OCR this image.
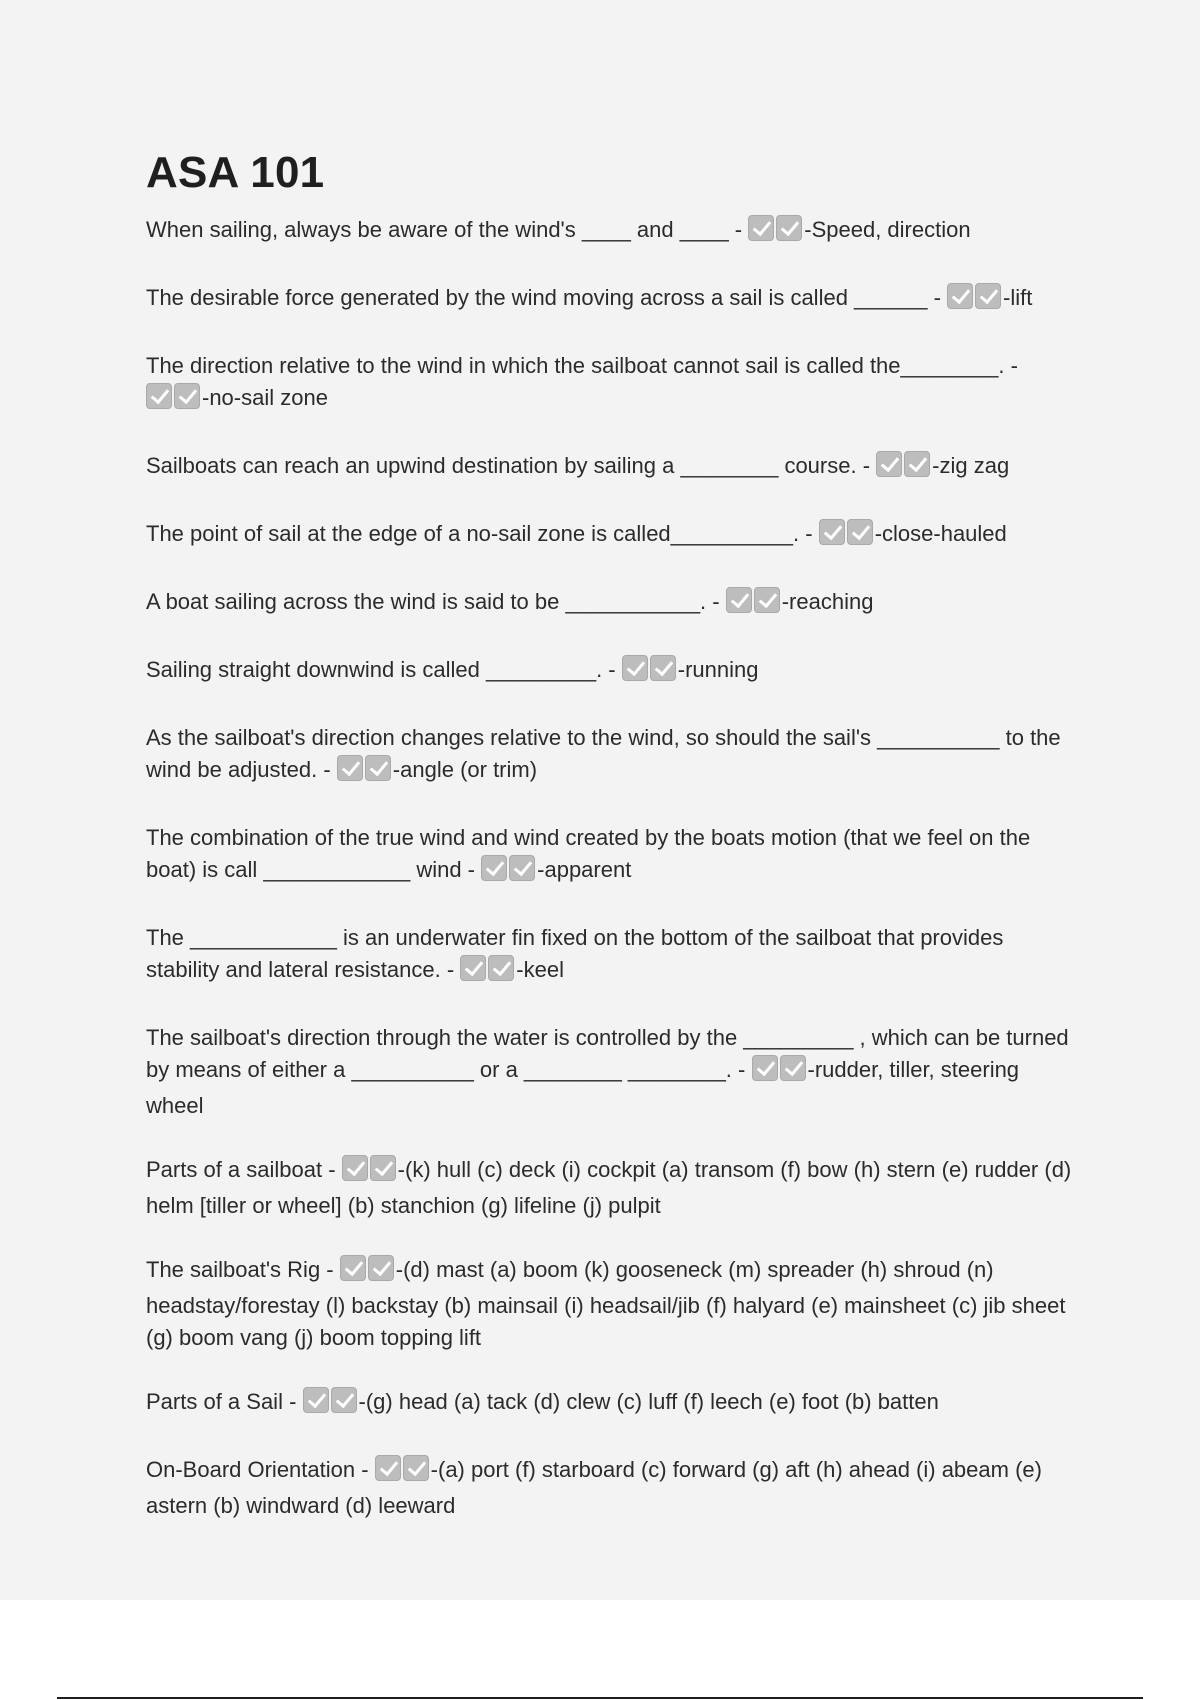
ASA 101

When sailing, always be aware of the wind's ____ and ____ -	-Speed, direction

The desirable force generated by the wind moving across a sail is called ______ -	-lift

The direction relative to the wind in which the sailboat cannot sail is called the________. - -no-sail zone

Sailboats can reach an upwind destination by sailing a ________ course. -	-zig zag

The point of sail at the edge of a no-sail zone is called__________. -	-close-hauled

A boat sailing across the wind is said to be ___________. -	-reaching

Sailing straight downwind is called _________. -	-running

As the sailboat's direction changes relative to the wind, so should the sail's __________ to the wind be adjusted. -	-angle (or trim)

The combination of the true wind and wind created by the boats motion (that we feel on the boat) is call ____________ wind -	-apparent

The ____________ is an underwater fin fixed on the bottom of the sailboat that provides stability and lateral resistance. -	-keel

The sailboat's direction through the water is controlled by the _________ , which can be turned by means of either a __________ or a ________ ________. -	-rudder, tiller, steering wheel

Parts of a sailboat -	-(k) hull (c) deck (i) cockpit (a) transom (f) bow (h) stern (e) rudder (d) helm [tiller or wheel] (b) stanchion (g) lifeline (j) pulpit

The sailboat's Rig -	-(d) mast (a) boom (k) gooseneck (m) spreader (h) shroud (n) headstay/forestay (l) backstay (b) mainsail (i) headsail/jib (f) halyard (e) mainsheet (c) jib sheet (g) boom vang (j) boom topping lift

Parts of a Sail -	-(g) head (a) tack (d) clew (c) luff (f) leech (e) foot (b) batten

On-Board Orientation -	-(a) port (f) starboard (c) forward (g) aft (h) ahead (i) abeam (e) astern (b) windward (d) leeward
